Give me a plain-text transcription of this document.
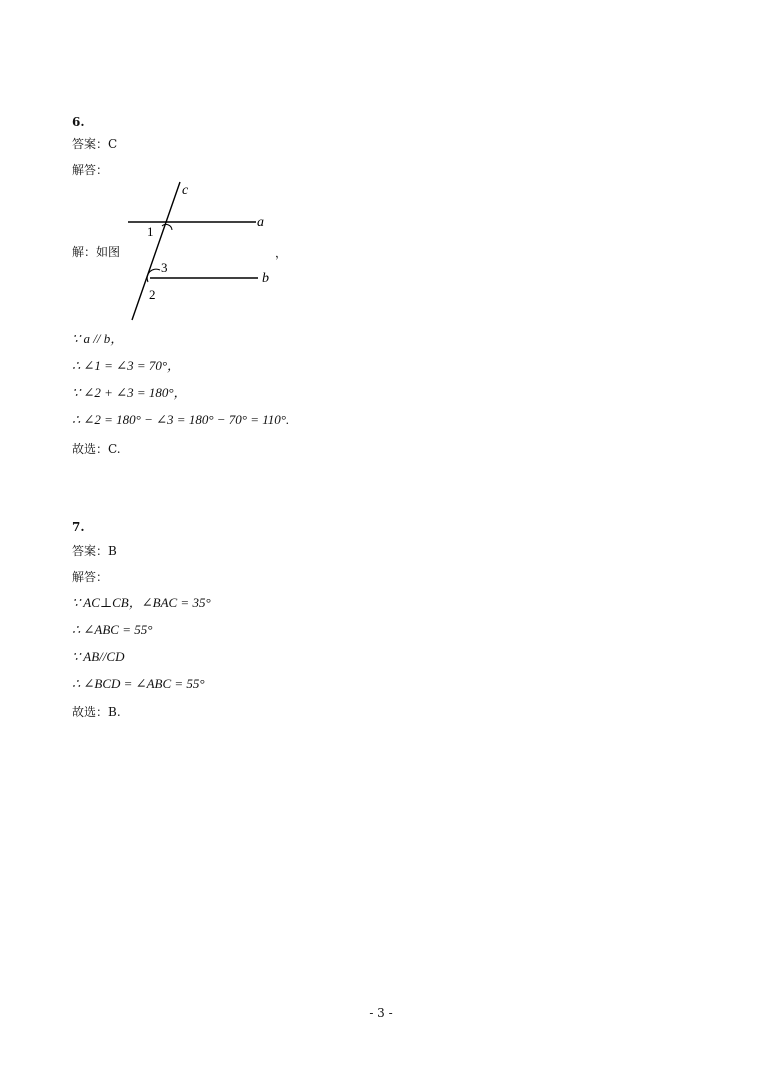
6.
答案：C
解答：
解：如图
c
a
b
1
3
2
，
∵ a // b，
∴ ∠1 = ∠3 = 70°，
∵ ∠2 + ∠3 = 180°，
∴ ∠2 = 180° − ∠3 = 180° − 70° = 110°.
故选：C.
7.
答案：B
解答：
∵ AC⊥CB，∠BAC = 35°
∴ ∠ABC = 55°
∵ AB//CD
∴ ∠BCD = ∠ABC = 55°
故选：B.
- 3 -
